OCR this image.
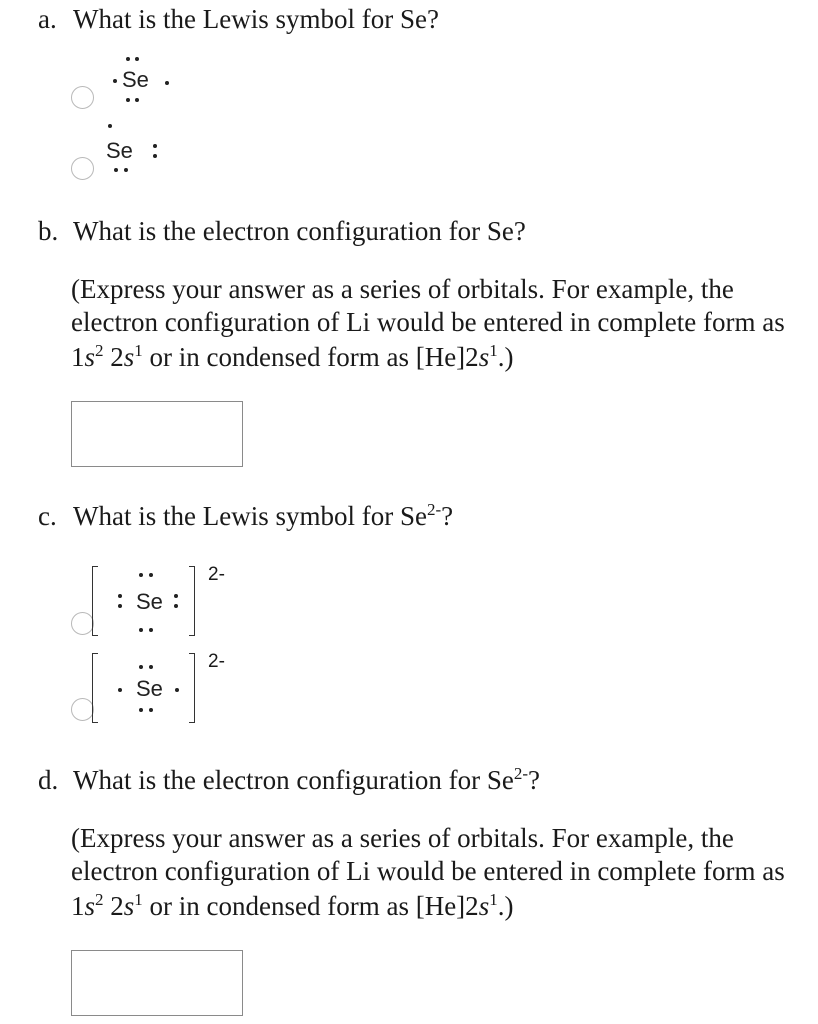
a. What is the Lewis symbol for Se?
Se
Se
b. What is the electron configuration for Se?
(Express your answer as a series of orbitals. For example, the
electron configuration of Li would be entered in complete form as
$1s^2$ $2s^1$ or in condensed form as $[He]2s^1$.)
c. What is the Lewis symbol for $Se^{2-}$?
Se
2-
Se
2-
d. What is the electron configuration for $Se^{2-}$?
(Express your answer as a series of orbitals. For example, the
electron configuration of Li would be entered in complete form as
$1s^2$ $2s^1$ or in condensed form as $[He]2s^1$.)
